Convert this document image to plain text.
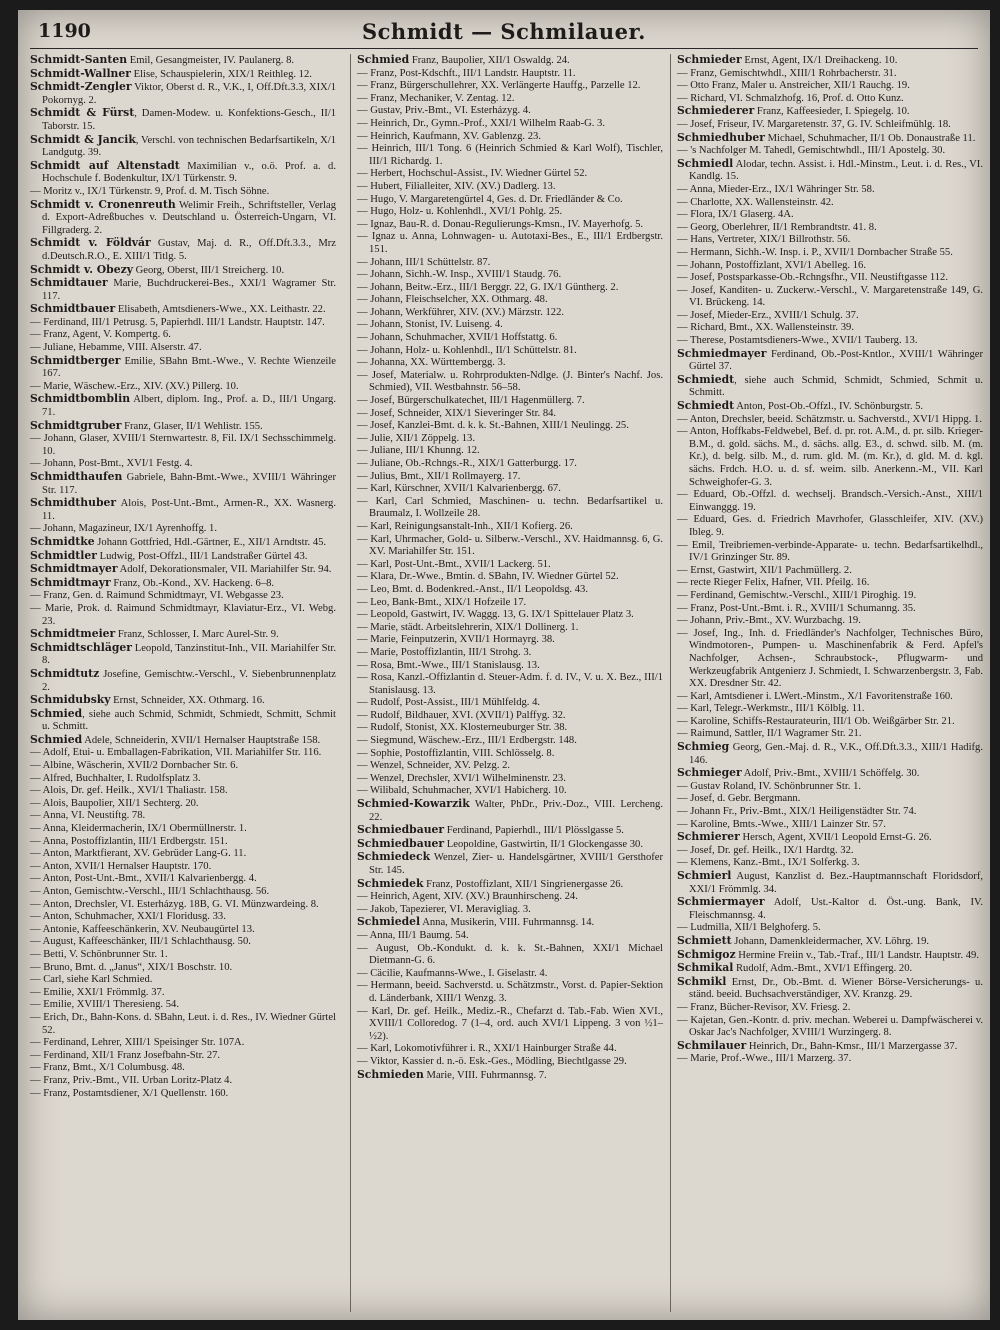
1190	Schmidt — Schmilauer.
Schmidt-Santen Emil, Gesangmeister, IV. Paulanerg. 8.
Schmidt-Wallner Elise, Schauspielerin, XIX/1 Reithleg. 12.
Schmidt-Zengler Viktor, Oberst d. R., V.K., I, Off.Dft.3.3, XIX/1 Pokornyg. 2.
Schmidt & Fürst, Damen-Modew. u. Konfektions-Gesch., II/1 Taborstr. 15.
Schmidt & Jancik, Verschl. von technischen Bedarfsartikeln, X/1 Landgutg. 39.
Schmidt auf Altenstadt Maximilian v., o.ö. Prof. a. d. Hochschule f. Bodenkultur, IX/1 Türkenstr. 9.
— Moritz v., IX/1 Türkenstr. 9, Prof. d. M. Tisch Söhne.
Schmidt v. Cronenreuth Welimir Freih., Schriftsteller, Verlag d. Export-Adreßbuches v. Deutschland u. Österreich-Ungarn, VI. Fillgraderg. 2.
Schmidt v. Földvár Gustav, Maj. d. R., Off.Dft.3.3., Mrz d.Deutsch.R.O., E. XIII/1 Titlg. 5.
Schmidt v. Obezy Georg, Oberst, III/1 Streicherg. 10.
Schmidtauer Marie, Buchdruckerei-Bes., XXI/1 Wagramer Str. 117.
Schmidtbauer Elisabeth, Amtsdieners-Wwe., XX. Leithastr. 22.
— Ferdinand, III/1 Petrusg. 5, Papierhdl. III/1 Landstr. Hauptstr. 147.
— Franz, Agent, V. Kompertg. 6.
— Juliane, Hebamme, VIII. Alserstr. 47.
Schmidtberger Emilie, SBahn Bmt.-Wwe., V. Rechte Wienzeile 167.
— Marie, Wäschew.-Erz., XIV. (XV.) Pillerg. 10.
Schmidtbomblin Albert, diplom. Ing., Prof. a. D., III/1 Ungarg. 71.
Schmidtgruber Franz, Glaser, II/1 Wehlistr. 155.
— Johann, Glaser, XVIII/1 Sternwartestr. 8, Fil. IX/1 Sechsschimmelg. 10.
— Johann, Post-Bmt., XVI/1 Festg. 4.
Schmidthaufen Gabriele, Bahn-Bmt.-Wwe., XVIII/1 Währinger Str. 117.
Schmidthuber Alois, Post-Unt.-Bmt., Armen-R., XX. Wasnerg. 11.
— Johann, Magazineur, IX/1 Ayrenhoffg. 1.
Schmidtke Johann Gottfried, Hdl.-Gärtner, E., XII/1 Arndtstr. 45.
Schmidtler Ludwig, Post-Offzl., III/1 Landstraßer Gürtel 43.
Schmidtmayer Adolf, Dekorationsmaler, VII. Mariahilfer Str. 94.
Schmidtmayr Franz, Ob.-Kond., XV. Hackeng. 6–8.
— Franz, Gen. d. Raimund Schmidtmayr, VI. Webgasse 23.
— Marie, Prok. d. Raimund Schmidtmayr, Klaviatur-Erz., VI. Webg. 23.
Schmidtmeier Franz, Schlosser, I. Marc Aurel-Str. 9.
Schmidtschläger Leopold, Tanzinstitut-Inh., VII. Mariahilfer Str. 8.
Schmidtutz Josefine, Gemischtw.-Verschl., V. Siebenbrunnenplatz 2.
Schmidubsky Ernst, Schneider, XX. Othmarg. 16.
Schmied, siehe auch Schmid, Schmidt, Schmiedt, Schmitt, Schmit u. Schmitt.
Schmied Adele, Schneiderin, XVII/1 Hernalser Hauptstraße 158.
— Adolf, Etui- u. Emballagen-Fabrikation, VII. Mariahilfer Str. 116.
— Albine, Wäscherin, XVII/2 Dornbacher Str. 6.
— Alfred, Buchhalter, I. Rudolfsplatz 3.
— Alois, Dr. gef. Heilk., XVI/1 Thaliastr. 158.
— Alois, Baupolier, XII/1 Sechterg. 20.
— Anna, VI. Neustiftg. 78.
— Anna, Kleidermacherin, IX/1 Obermüllnerstr. 1.
— Anna, Postoffizlantin, III/1 Erdbergstr. 151.
— Anton, Marktfierant, XV. Gebrüder Lang-G. 11.
— Anton, XVII/1 Hernalser Hauptstr. 170.
— Anton, Post-Unt.-Bmt., XVII/1 Kalvarienbergg. 4.
— Anton, Gemischtw.-Verschl., III/1 Schlachthausg. 56.
— Anton, Drechsler, VI. Esterházyg. 18B, G. VI. Münzwardeing. 8.
— Anton, Schuhmacher, XXI/1 Floridusg. 33.
— Antonie, Kaffeeschänkerin, XV. Neubaugürtel 13.
— August, Kaffeeschänker, III/1 Schlachthausg. 50.
— Betti, V. Schönbrunner Str. 1.
— Bruno, Bmt. d. „Janus“, XIX/1 Boschstr. 10.
— Carl, siehe Karl Schmied.
— Emilie, XXI/1 Frömmlg. 37.
— Emilie, XVIII/1 Theresieng. 54.
— Erich, Dr., Bahn-Kons. d. SBahn, Leut. i. d. Res., IV. Wiedner Gürtel 52.
— Ferdinand, Lehrer, XIII/1 Speisinger Str. 107A.
— Ferdinand, XII/1 Franz Josefbahn-Str. 27.
— Franz, Bmt., X/1 Columbusg. 48.
— Franz, Priv.-Bmt., VII. Urban Loritz-Platz 4.
— Franz, Postamtsdiener, X/1 Quellenstr. 160.
Schmied Franz, Baupolier, XII/1 Oswaldg. 24.
— Franz, Post-Kdschft., III/1 Landstr. Hauptstr. 11.
— Franz, Bürgerschullehrer, XX. Verlängerte Hauffg., Parzelle 12.
— Franz, Mechaniker, V. Zentag. 12.
— Gustav, Priv.-Bmt., VI. Esterházyg. 4.
— Heinrich, Dr., Gymn.-Prof., XXI/1 Wilhelm Raab-G. 3.
— Heinrich, Kaufmann, XV. Gablenzg. 23.
— Heinrich, III/1 Tong. 6 (Heinrich Schmied & Karl Wolf), Tischler, III/1 Richardg. 1.
— Herbert, Hochschul-Assist., IV. Wiedner Gürtel 52.
— Hubert, Filialleiter, XIV. (XV.) Dadlerg. 13.
— Hugo, V. Margaretengürtel 4, Ges. d. Dr. Friedländer & Co.
— Hugo, Holz- u. Kohlenhdl., XVI/1 Pohlg. 25.
— Ignaz, Bau-R. d. Donau-Regulierungs-Kmsn., IV. Mayerhofg. 5.
— Ignaz u. Anna, Lohnwagen- u. Autotaxi-Bes., E., III/1 Erdbergstr. 151.
— Johann, III/1 Schüttelstr. 87.
— Johann, Sichh.-W. Insp., XVIII/1 Staudg. 76.
— Johann, Beitw.-Erz., III/1 Berggr. 22, G. IX/1 Güntherg. 2.
— Johann, Fleischselcher, XX. Othmarg. 48.
— Johann, Werkführer, XIV. (XV.) Märzstr. 122.
— Johann, Stonist, IV. Luiseng. 4.
— Johann, Schuhmacher, XVII/1 Hoffstattg. 6.
— Johann, Holz- u. Kohlenhdl., II/1 Schüttelstr. 81.
— Johanna, XX. Württembergg. 3.
— Josef, Materialw. u. Rohrprodukten-Ndlge. (J. Binter's Nachf. Jos. Schmied), VII. Westbahnstr. 56–58.
— Josef, Bürgerschulkatechet, III/1 Hagenmüllerg. 7.
— Josef, Schneider, XIX/1 Sieveringer Str. 84.
— Josef, Kanzlei-Bmt. d. k. k. St.-Bahnen, XIII/1 Neulingg. 25.
— Julie, XII/1 Zöppelg. 13.
— Juliane, III/1 Khunng. 12.
— Juliane, Ob.-Rchngs.-R., XIX/1 Gatterburgg. 17.
— Julius, Bmt., XII/1 Rollmayerg. 17.
— Karl, Kürschner, XVII/1 Kalvarienbergg. 67.
— Karl, Carl Schmied, Maschinen- u. techn. Bedarfsartikel u. Braumalz, I. Wollzeile 28.
— Karl, Reinigungsanstalt-Inh., XII/1 Kofierg. 26.
— Karl, Uhrmacher, Gold- u. Silberw.-Verschl., XV. Haidmannsg. 6, G. XV. Mariahilfer Str. 151.
— Karl, Post-Unt.-Bmt., XVII/1 Lackerg. 51.
— Klara, Dr.-Wwe., Bmtin. d. SBahn, IV. Wiedner Gürtel 52.
— Leo, Bmt. d. Bodenkred.-Anst., II/1 Leopoldsg. 43.
— Leo, Bank-Bmt., XIX/1 Hofzeile 17.
— Leopold, Gastwirt, IV. Waggg. 13, G. IX/1 Spittelauer Platz 3.
— Marie, städt. Arbeitslehrerin, XIX/1 Dollinerg. 1.
— Marie, Feinputzerin, XVII/1 Hormayrg. 38.
— Marie, Postoffizlantin, III/1 Strohg. 3.
— Rosa, Bmt.-Wwe., III/1 Stanislausg. 13.
— Rosa, Kanzl.-Offizlantin d. Steuer-Adm. f. d. IV., V. u. X. Bez., III/1 Stanislausg. 13.
— Rudolf, Post-Assist., III/1 Mühlfeldg. 4.
— Rudolf, Bildhauer, XVI. (XVII/1) Palffyg. 32.
— Rudolf, Stonist, XX. Klosterneuburger Str. 38.
— Siegmund, Wäschew.-Erz., III/1 Erdbergstr. 148.
— Sophie, Postoffizlantin, VIII. Schlösselg. 8.
— Wenzel, Schneider, XV. Pelzg. 2.
— Wenzel, Drechsler, XVI/1 Wilhelminenstr. 23.
— Wilibald, Schuhmacher, XVI/1 Habicherg. 10.
Schmied-Kowarzik Walter, PhDr., Priv.-Doz., VIII. Lercheng. 22.
Schmiedbauer Ferdinand, Papierhdl., III/1 Plösslgasse 5.
Schmiedbauer Leopoldine, Gastwirtin, II/1 Glockengasse 30.
Schmiedeck Wenzel, Zier- u. Handelsgärtner, XVIII/1 Gersthofer Str. 145.
Schmiedek Franz, Postoffizlant, XII/1 Singrienergasse 26.
— Heinrich, Agent, XIV. (XV.) Braunhirscheng. 24.
— Jakob, Tapezierer, VI. Meravigliag. 3.
Schmiedel Anna, Musikerin, VIII. Fuhrmannsg. 14.
— Anna, III/1 Baumg. 54.
— August, Ob.-Kondukt. d. k. k. St.-Bahnen, XXI/1 Michael Dietmann-G. 6.
— Cäcilie, Kaufmanns-Wwe., I. Giselastr. 4.
— Hermann, beeid. Sachverstd. u. Schätzmstr., Vorst. d. Papier-Sektion d. Länderbank, XIII/1 Wenzg. 3.
— Karl, Dr. gef. Heilk., Mediz.-R., Chefarzt d. Tab.-Fab. Wien XVI., XVIII/1 Colloredog. 7 (1–4, ord. auch XVI/1 Lippeng. 3 von ½1–½2).
— Karl, Lokomotivführer i. R., XXI/1 Hainburger Straße 44.
— Viktor, Kassier d. n.-ö. Esk.-Ges., Mödling, Biechtlgasse 29.
Schmieden Marie, VIII. Fuhrmannsg. 7.
Schmieder Ernst, Agent, IX/1 Dreihackeng. 10.
— Franz, Gemischtwhdl., XIII/1 Rohrbacherstr. 31.
— Otto Franz, Maler u. Anstreicher, XII/1 Rauchg. 19.
— Richard, VI. Schmalzhofg. 16, Prof. d. Otto Kunz.
Schmiederer Franz, Kaffeesieder, I. Spiegelg. 10.
— Josef, Friseur, IV. Margaretenstr. 37, G. IV. Schleifmühlg. 18.
Schmiedhuber Michael, Schuhmacher, II/1 Ob. Donaustraße 11.
— 's Nachfolger M. Tahedl, Gemischtwhdl., III/1 Apostelg. 30.
Schmiedl Alodar, techn. Assist. i. Hdl.-Minstm., Leut. i. d. Res., VI. Kandlg. 15.
— Anna, Mieder-Erz., IX/1 Währinger Str. 58.
— Charlotte, XX. Wallensteinstr. 42.
— Flora, IX/1 Glaserg. 4A.
— Georg, Oberlehrer, II/1 Rembrandtstr. 41. 8.
— Hans, Vertreter, XIX/1 Billrothstr. 56.
— Hermann, Sichh.-W. Insp. i. P., XVII/1 Dornbacher Straße 55.
— Johann, Postoffizlant, XVI/1 Abelleg. 16.
— Josef, Postsparkasse-Ob.-Rchngsfhr., VII. Neustiftgasse 112.
— Josef, Kanditen- u. Zuckerw.-Verschl., V. Margaretenstraße 149, G. VI. Brückeng. 14.
— Josef, Mieder-Erz., XVIII/1 Schulg. 37.
— Richard, Bmt., XX. Wallensteinstr. 39.
— Therese, Postamtsdieners-Wwe., XVII/1 Tauberg. 13.
Schmiedmayer Ferdinand, Ob.-Post-Kntlor., XVIII/1 Währinger Gürtel 37.
Schmiedt, siehe auch Schmid, Schmidt, Schmied, Schmit u. Schmitt.
Schmiedt Anton, Post-Ob.-Offzl., IV. Schönburgstr. 5.
— Anton, Drechsler, beeid. Schätzmstr. u. Sachverstd., XVI/1 Hippg. 1.
— Anton, Hoffkabs-Feldwebel, Bef. d. pr. rot. A.M., d. pr. silb. Krieger-B.M., d. gold. sächs. M., d. sächs. allg. E3., d. schwd. silb. M. (m. Kr.), d. belg. silb. M., d. rum. gld. M. (m. Kr.), d. gld. M. d. kgl. sächs. Frdch. H.O. u. d. sf. weim. silb. Anerkenn.-M., VII. Karl Schweighofer-G. 3.
— Eduard, Ob.-Offzl. d. wechselj. Brandsch.-Versich.-Anst., XIII/1 Einwanggg. 19.
— Eduard, Ges. d. Friedrich Mavrhofer, Glasschleifer, XIV. (XV.) Ibleg. 9.
— Emil, Treibriemen-verbinde-Apparate- u. techn. Bedarfsartikelhdl., IV/1 Grinzinger Str. 89.
— Ernst, Gastwirt, XII/1 Pachmüllerg. 2.
— recte Rieger Felix, Hafner, VII. Pfeilg. 16.
— Ferdinand, Gemischtw.-Verschl., XIII/1 Piroghig. 19.
— Franz, Post-Unt.-Bmt. i. R., XVIII/1 Schumanng. 35.
— Johann, Priv.-Bmt., XV. Wurzbachg. 19.
— Josef, Ing., Inh. d. Friedländer's Nachfolger, Technisches Büro, Windmotoren-, Pumpen- u. Maschinenfabrik & Ferd. Apfel's Nachfolger, Achsen-, Schraubstock-, Pflugwarm- und Werkzeugfabrik Antgenierz J. Schmiedt, I. Schwarzenbergstr. 3, Fab. XX. Dresdner Str. 42.
— Karl, Amtsdiener i. LWert.-Minstm., X/1 Favoritenstraße 160.
— Karl, Telegr.-Werkmstr., III/1 Kölblg. 11.
— Karoline, Schiffs-Restaurateurin, III/1 Ob. Weißgärber Str. 21.
— Raimund, Sattler, II/1 Wagramer Str. 21.
Schmieg Georg, Gen.-Maj. d. R., V.K., Off.Dft.3.3., XIII/1 Hadifg. 146.
Schmieger Adolf, Priv.-Bmt., XVIII/1 Schöffelg. 30.
— Gustav Roland, IV. Schönbrunner Str. 1.
— Josef, d. Gebr. Bergmann.
— Johann Fr., Priv.-Bmt., XIX/1 Heiligenstädter Str. 74.
— Karoline, Bmts.-Wwe., XIII/1 Lainzer Str. 57.
Schmierer Hersch, Agent, XVII/1 Leopold Ernst-G. 26.
— Josef, Dr. gef. Heilk., IX/1 Hardtg. 32.
— Klemens, Kanz.-Bmt., IX/1 Solferkg. 3.
Schmierl August, Kanzlist d. Bez.-Hauptmannschaft Floridsdorf, XXI/1 Frömmlg. 34.
Schmiermayer Adolf, Ust.-Kaltor d. Öst.-ung. Bank, IV. Fleischmannsg. 4.
— Ludmilla, XII/1 Belghoferg. 5.
Schmiett Johann, Damenkleidermacher, XV. Löhrg. 19.
Schmigoz Hermine Freiin v., Tab.-Traf., III/1 Landstr. Hauptstr. 49.
Schmikal Rudolf, Adm.-Bmt., XVI/1 Effingerg. 20.
Schmikl Ernst, Dr., Ob.-Bmt. d. Wiener Börse-Versicherungs- u. ständ. beeid. Buchsachverständiger, XV. Kranzg. 29.
— Franz, Bücher-Revisor, XV. Friesg. 2.
— Kajetan, Gen.-Kontr. d. priv. mechan. Weberei u. Dampfwäscherei v. Oskar Jac's Nachfolger, XVIII/1 Wurzingerg. 8.
Schmilauer Heinrich, Dr., Bahn-Kmsr., III/1 Marzergasse 37.
— Marie, Prof.-Wwe., III/1 Marzerg. 37.
